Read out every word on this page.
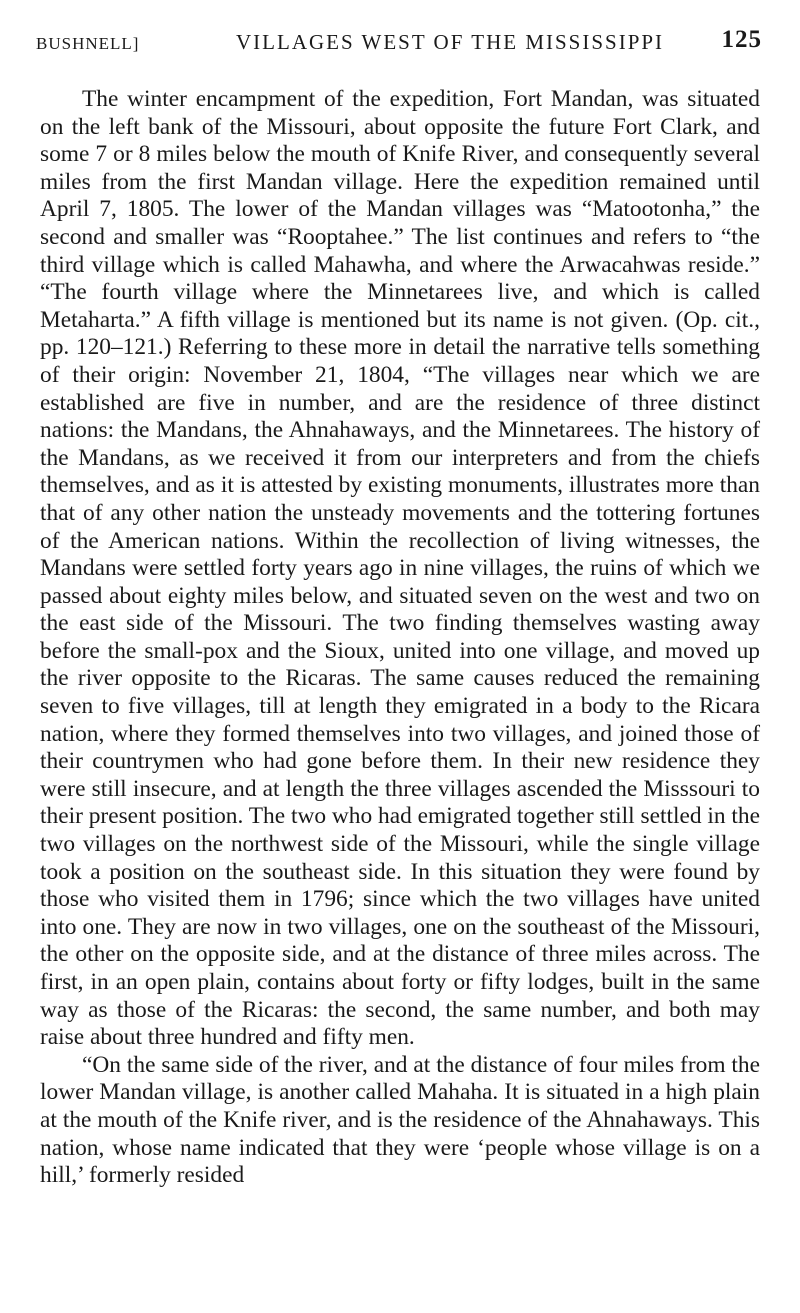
BUSHNELL]	VILLAGES WEST OF THE MISSISSIPPI 125

The winter encampment of the expedition, Fort Mandan, was situated on the left bank of the Missouri, about opposite the future Fort Clark, and some 7 or 8 miles below the mouth of Knife River, and consequently several miles from the first Mandan village. Here the expedition remained until April 7, 1805. The lower of the Mandan villages was “Matootonha,” the second and smaller was “Rooptahee.” The list continues and refers to “the third village which is called Mahawha, and where the Arwacahwas reside.” “The fourth village where the Minnetarees live, and which is called Metaharta.” A fifth village is mentioned but its name is not given. (Op. cit., pp. 120–121.) Referring to these more in detail the narrative tells something of their origin: November 21, 1804, “The villages near which we are established are five in number, and are the residence of three distinct nations: the Mandans, the Ahnahaways, and the Minnetarees. The history of the Mandans, as we received it from our interpreters and from the chiefs themselves, and as it is attested by existing monuments, illustrates more than that of any other nation the unsteady movements and the tottering fortunes of the American nations. Within the recollection of living witnesses, the Mandans were settled forty years ago in nine villages, the ruins of which we passed about eighty miles below, and situated seven on the west and two on the east side of the Missouri. The two finding themselves wasting away before the small-pox and the Sioux, united into one village, and moved up the river opposite to the Ricaras. The same causes reduced the remaining seven to five villages, till at length they emigrated in a body to the Ricara nation, where they formed themselves into two villages, and joined those of their countrymen who had gone before them. In their new residence they were still insecure, and at length the three villages ascended the Misssouri to their present position. The two who had emigrated together still settled in the two villages on the northwest side of the Missouri, while the single village took a position on the southeast side. In this situation they were found by those who visited them in 1796; since which the two villages have united into one. They are now in two villages, one on the southeast of the Missouri, the other on the opposite side, and at the distance of three miles across. The first, in an open plain, contains about forty or fifty lodges, built in the same way as those of the Ricaras: the second, the same number, and both may raise about three hundred and fifty men.

“On the same side of the river, and at the distance of four miles from the lower Mandan village, is another called Mahaha. It is situated in a high plain at the mouth of the Knife river, and is the residence of the Ahnahaways. This nation, whose name indicated that they were ‘people whose village is on a hill,’ formerly resided
